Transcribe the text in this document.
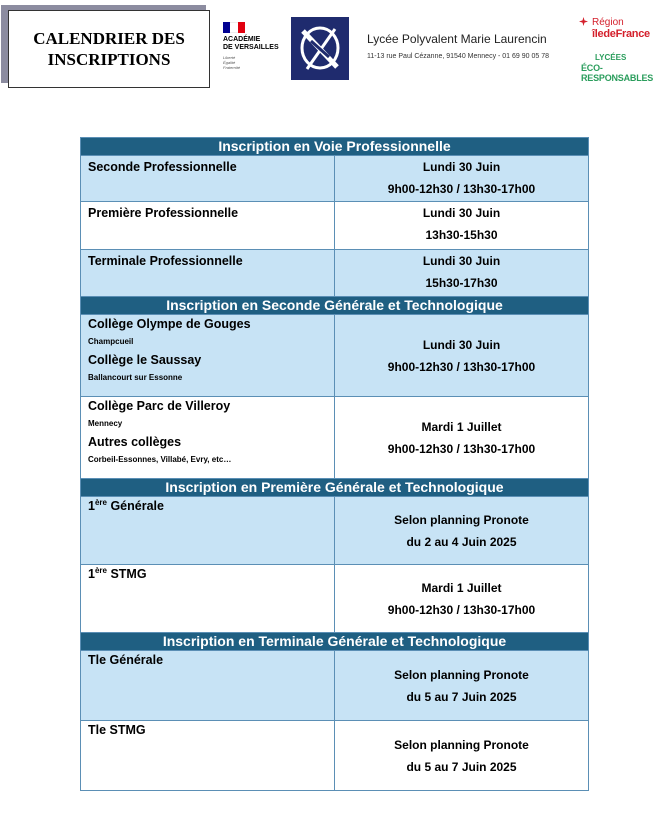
CALENDRIER DES
INSCRIPTIONS
ACADÉMIE
DE VERSAILLES
Liberté
Égalité
Fraternité
Lycée Polyvalent Marie Laurencin
11-13 rue Paul Cézanne, 91540 Mennecy - 01 69 90 05 78
Région
îledeFrance
LYCÉES
ÉCO-RESPONSABLES
Inscription en Voie Professionnelle	

Seconde Professionnelle	Lundi 30 Juin
9h00-12h30 / 13h30-17h00

Première Professionnelle	Lundi 30 Juin
13h30-15h30

Terminale Professionnelle	Lundi 30 Juin
15h30-17h30

Inscription en Seconde Générale et Technologique	

Collège Olympe de Gouges
Champcueil
Collège le Saussay
Ballancourt sur Essonne	Lundi 30 Juin
9h00-12h30 / 13h30-17h00

Collège Parc de Villeroy
Mennecy
Autres collèges
Corbeil-Essonnes, Villabé, Evry, etc…	Mardi 1 Juillet
9h00-12h30 / 13h30-17h00

Inscription en Première Générale et Technologique	

1ère Générale	Selon planning Pronote
du 2 au 4 Juin 2025

1ère STMG	Mardi 1 Juillet
9h00-12h30 / 13h30-17h00

Inscription en Terminale Générale et Technologique	

Tle Générale	Selon planning Pronote
du 5 au 7 Juin 2025

Tle STMG	Selon planning Pronote
du 5 au 7 Juin 2025
